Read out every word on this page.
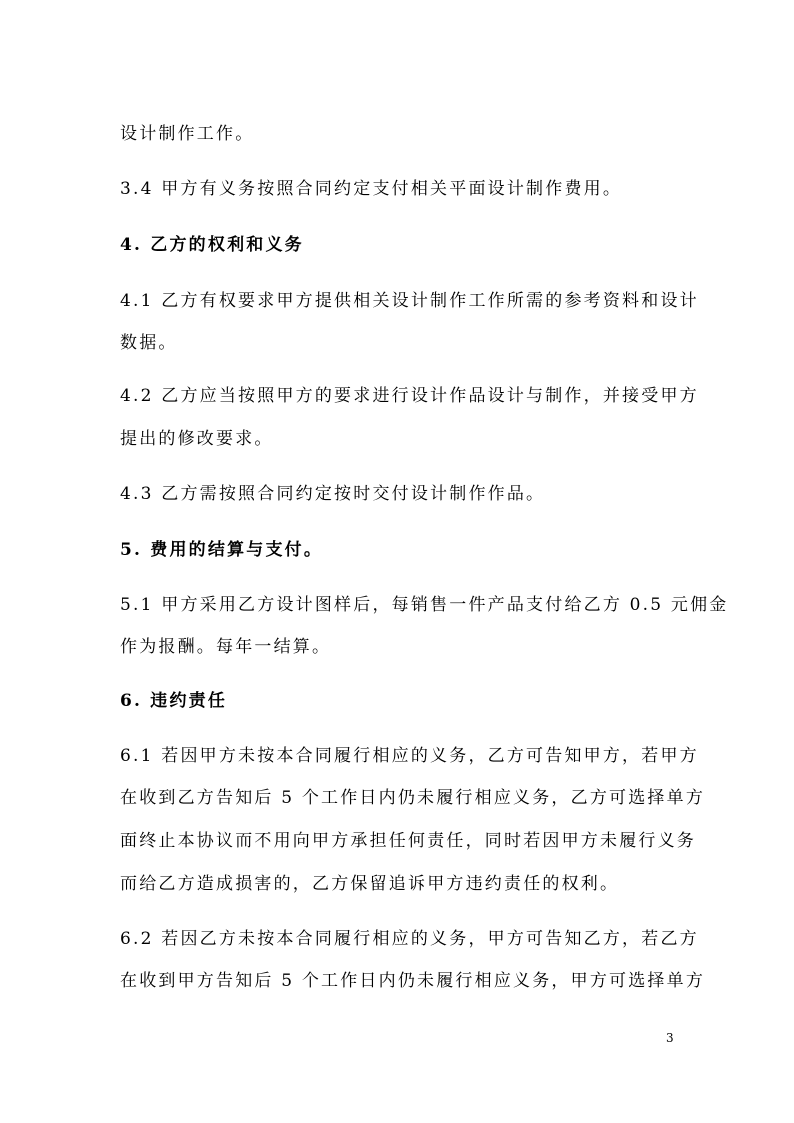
设计制作工作。
3.4 甲方有义务按照合同约定支付相关平面设计制作费用。
4. 乙方的权利和义务
4.1 乙方有权要求甲方提供相关设计制作工作所需的参考资料和设计
数据。
4.2 乙方应当按照甲方的要求进行设计作品设计与制作，并接受甲方
提出的修改要求。
4.3 乙方需按照合同约定按时交付设计制作作品。
5. 费用的结算与支付。
5.1 甲方采用乙方设计图样后，每销售一件产品支付给乙方 0.5 元佣金
作为报酬。每年一结算。
6. 违约责任
6.1 若因甲方未按本合同履行相应的义务，乙方可告知甲方，若甲方
在收到乙方告知后 5 个工作日内仍未履行相应义务，乙方可选择单方
面终止本协议而不用向甲方承担任何责任，同时若因甲方未履行义务
而给乙方造成损害的，乙方保留追诉甲方违约责任的权利。
6.2 若因乙方未按本合同履行相应的义务，甲方可告知乙方，若乙方
在收到甲方告知后 5 个工作日内仍未履行相应义务，甲方可选择单方
3
